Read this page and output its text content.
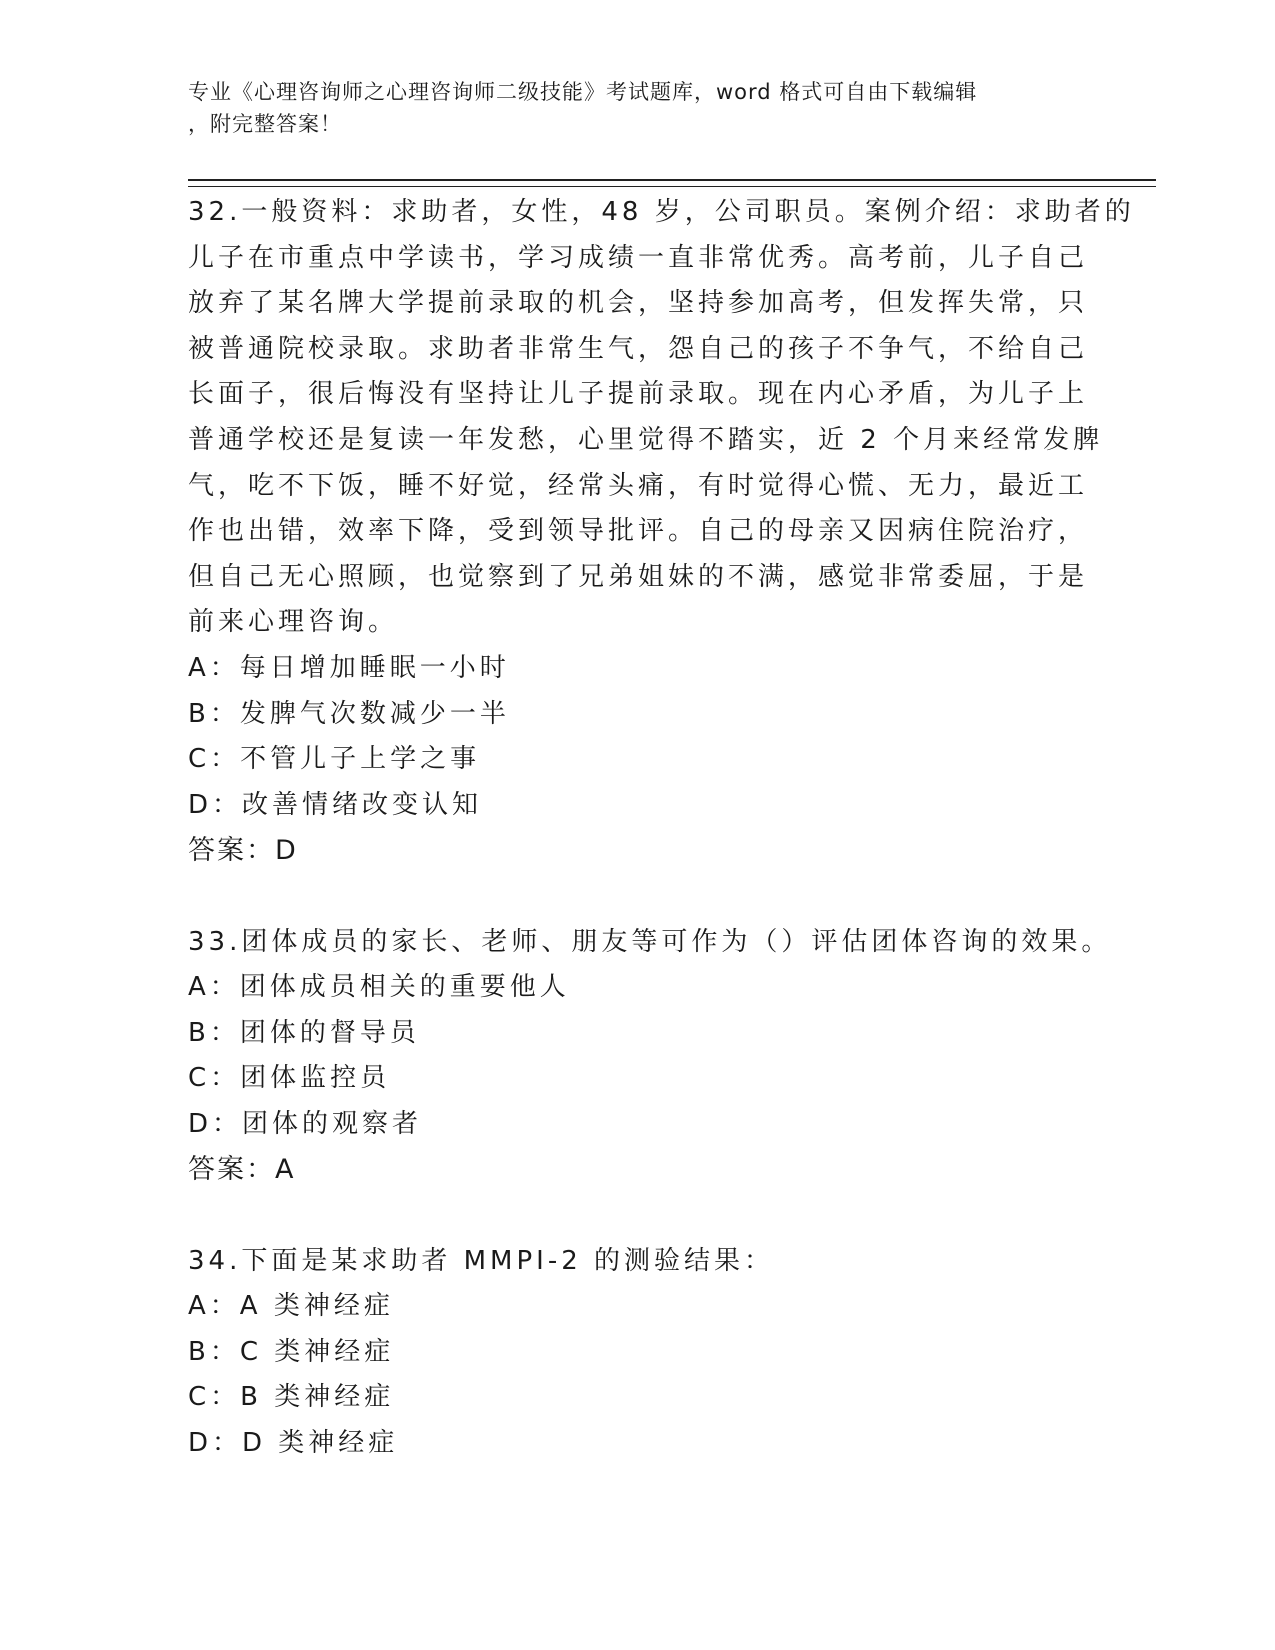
专业《心理咨询师之心理咨询师二级技能》考试题库，word 格式可自由下载编辑
，附完整答案！
32.一般资料：求助者，女性，48 岁，公司职员。案例介绍：求助者的
儿子在市重点中学读书，学习成绩一直非常优秀。高考前，儿子自己
放弃了某名牌大学提前录取的机会，坚持参加高考，但发挥失常，只
被普通院校录取。求助者非常生气，怨自己的孩子不争气，不给自己
长面子，很后悔没有坚持让儿子提前录取。现在内心矛盾，为儿子上
普通学校还是复读一年发愁，心里觉得不踏实，近 2 个月来经常发脾
气，吃不下饭，睡不好觉，经常头痛，有时觉得心慌、无力，最近工
作也出错，效率下降，受到领导批评。自己的母亲又因病住院治疗，
但自己无心照顾，也觉察到了兄弟姐妹的不满，感觉非常委屈，于是
前来心理咨询。
A：每日增加睡眠一小时
B：发脾气次数减少一半
C：不管儿子上学之事
D：改善情绪改变认知
答案：D
33.团体成员的家长、老师、朋友等可作为（）评估团体咨询的效果。
A：团体成员相关的重要他人
B：团体的督导员
C：团体监控员
D：团体的观察者
答案：A
34.下面是某求助者 MMPI-2 的测验结果：
A：A 类神经症
B：C 类神经症
C：B 类神经症
D：D 类神经症
